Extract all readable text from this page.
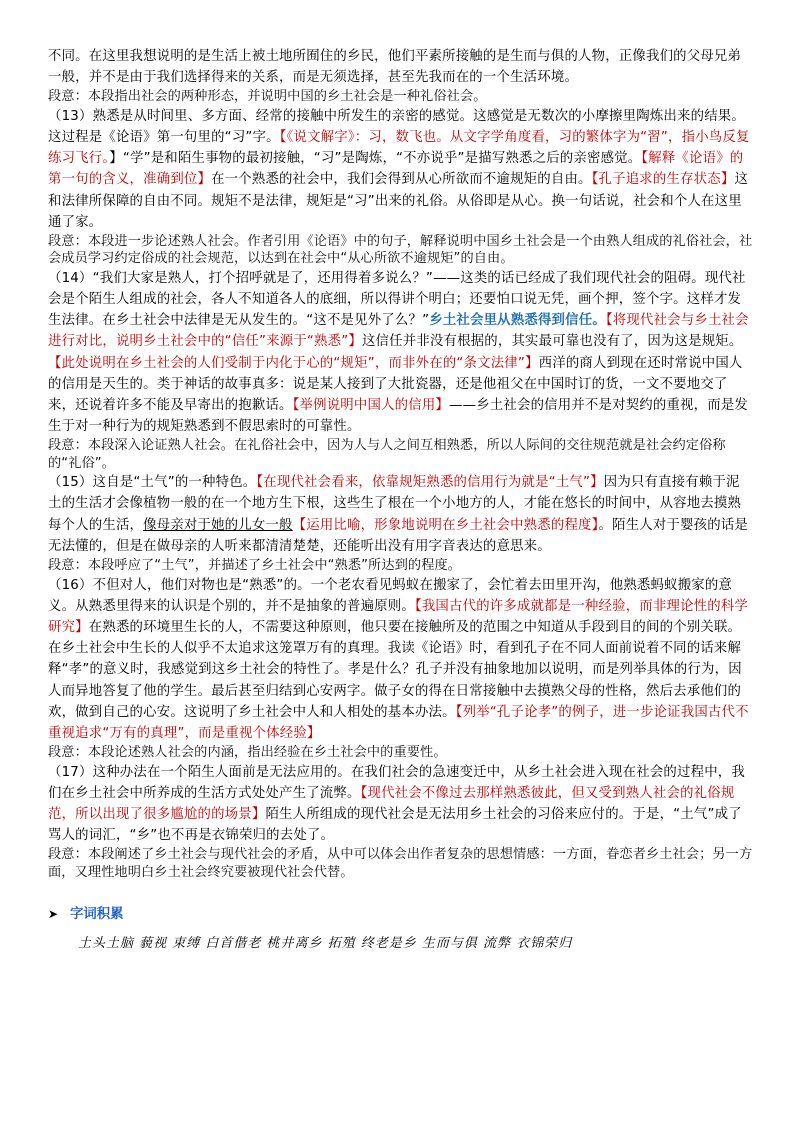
不同。在这里我想说明的是生活上被土地所囿住的乡民，他们平素所接触的是生而与俱的人物，正像我们的父母兄弟一般，并不是由于我们选择得来的关系，而是无须选择，甚至先我而在的一个生活环境。

段意：本段指出社会的两种形态，并说明中国的乡土社会是一种礼俗社会。

（13）熟悉是从时间里、多方面、经常的接触中所发生的亲密的感觉。这感觉是无数次的小摩擦里陶炼出来的结果。这过程是《论语》第一句里的“习”字。【《说文解字》：习，数飞也。从文字学角度看，习的繁体字为“習”，指小鸟反复练习飞行。】“学”是和陌生事物的最初接触，“习”是陶炼，“不亦说乎”是描写熟悉之后的亲密感觉。【解释《论语》的第一句的含义，准确到位】在一个熟悉的社会中，我们会得到从心所欲而不逾规矩的自由。【孔子追求的生存状态】这和法律所保障的自由不同。规矩不是法律，规矩是“习”出来的礼俗。从俗即是从心。换一句话说，社会和个人在这里通了家。

段意：本段进一步论述熟人社会。作者引用《论语》中的句子，解释说明中国乡土社会是一个由熟人组成的礼俗社会，社会成员学习约定俗成的社会规范，以达到在社会中“从心所欲不逾规矩”的自由。

（14）“我们大家是熟人，打个招呼就是了，还用得着多说么？”——这类的话已经成了我们现代社会的阻碍。现代社会是个陌生人组成的社会，各人不知道各人的底细，所以得讲个明白；还要怕口说无凭，画个押，签个字。这样才发生法律。在乡土社会中法律是无从发生的。“这不是见外了么？”乡土社会里从熟悉得到信任。【将现代社会与乡土社会进行对比，说明乡土社会中的“信任”来源于“熟悉”】这信任并非没有根据的，其实最可靠也没有了，因为这是规矩。【此处说明在乡土社会的人们受制于内化于心的“规矩”，而非外在的“条文法律”】西洋的商人到现在还时常说中国人的信用是天生的。类于神话的故事真多：说是某人接到了大批瓷器，还是他祖父在中国时订的货，一文不要地交了来，还说着许多不能及早寄出的抱歉话。【举例说明中国人的信用】——乡土社会的信用并不是对契约的重视，而是发生于对一种行为的规矩熟悉到不假思索时的可靠性。

段意：本段深入论证熟人社会。在礼俗社会中，因为人与人之间互相熟悉，所以人际间的交往规范就是社会约定俗称的“礼俗”。

（15）这自是“土气”的一种特色。【在现代社会看来，依靠规矩熟悉的信用行为就是“土气”】因为只有直接有赖于泥土的生活才会像植物一般的在一个地方生下根，这些生了根在一个小地方的人，才能在悠长的时间中，从容地去摸熟每个人的生活，像母亲对于她的儿女一般【运用比喻，形象地说明在乡土社会中熟悉的程度】。陌生人对于婴孩的话是无法懂的，但是在做母亲的人听来都清清楚楚，还能听出没有用字音表达的意思来。

段意：本段呼应了“土气”，并描述了乡土社会中“熟悉”所达到的程度。

（16）不但对人，他们对物也是“熟悉”的。一个老农看见蚂蚁在搬家了，会忙着去田里开沟，他熟悉蚂蚁搬家的意义。从熟悉里得来的认识是个别的，并不是抽象的普遍原则。【我国古代的许多成就都是一种经验，而非理论性的科学研究】在熟悉的环境里生长的人，不需要这种原则，他只要在接触所及的范围之中知道从手段到目的间的个别关联。在乡土社会中生长的人似乎不太追求这笼罩万有的真理。我读《论语》时，看到孔子在不同人面前说着不同的话来解释“孝”的意义时，我感觉到这乡土社会的特性了。孝是什么？孔子并没有抽象地加以说明，而是列举具体的行为，因人而异地答复了他的学生。最后甚至归结到心安两字。做子女的得在日常接触中去摸熟父母的性格，然后去承他们的欢，做到自己的心安。这说明了乡土社会中人和人相处的基本办法。【列举“孔子论孝”的例子，进一步论证我国古代不重视追求“万有的真理”，而是重视个体经验】

段意：本段论述熟人社会的内涵，指出经验在乡土社会中的重要性。

（17）这种办法在一个陌生人面前是无法应用的。在我们社会的急速变迁中，从乡土社会进入现在社会的过程中，我们在乡土社会中所养成的生活方式处处产生了流弊。【现代社会不像过去那样熟悉彼此，但又受到熟人社会的礼俗规范，所以出现了很多尴尬的的场景】陌生人所组成的现代社会是无法用乡土社会的习俗来应付的。于是，“土气”成了骂人的词汇，“乡”也不再是衣锦荣归的去处了。

段意：本段阐述了乡土社会与现代社会的矛盾，从中可以体会出作者复杂的思想情感：一方面，眷恋者乡土社会；另一方面，又理性地明白乡土社会终究要被现代社会代替。

➤ 字词积累
土头土脑 藐视 束缚 白首偕老 桃井离乡 拓殖 终老是乡 生而与俱 流弊 衣锦荣归
